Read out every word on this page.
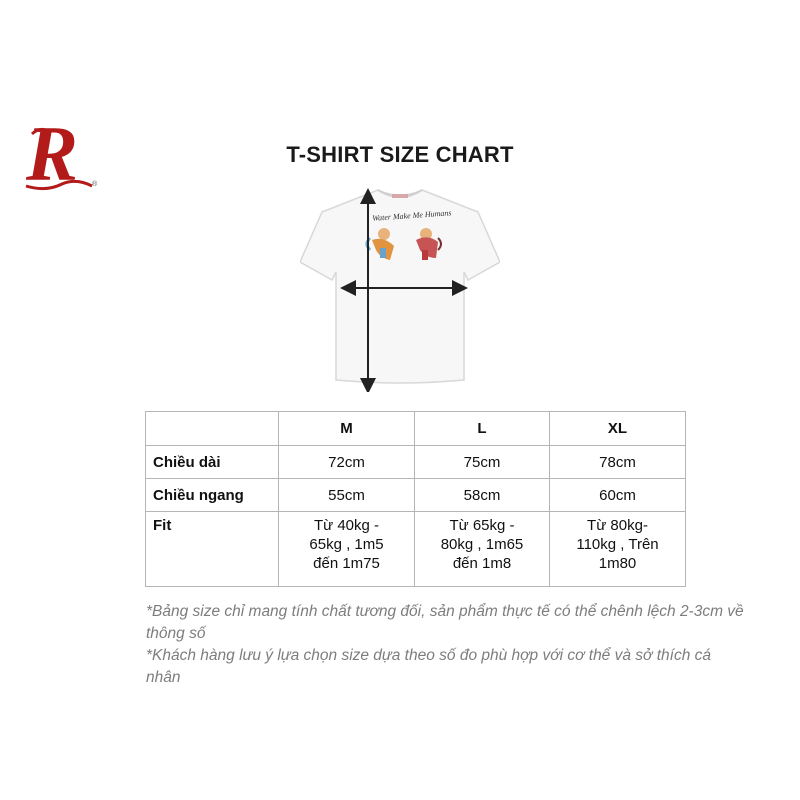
R ®
T-SHIRT SIZE CHART
Water Make Me Humans
	M	L	XL
Chiều dài	72cm	75cm	78cm
Chiều ngang	55cm	58cm	60cm
Fit	Từ 40kg -
65kg , 1m5
đến 1m75	Từ 65kg -
80kg , 1m65
đến 1m8	Từ 80kg-
110kg , Trên
1m80

*Bảng size chỉ mang tính chất tương đối, sản phẩm thực tế có thể chênh lệch 2-3cm về thông số

*Khách hàng lưu ý lựa chọn size dựa theo số đo phù hợp với cơ thể và sở thích cá nhân
